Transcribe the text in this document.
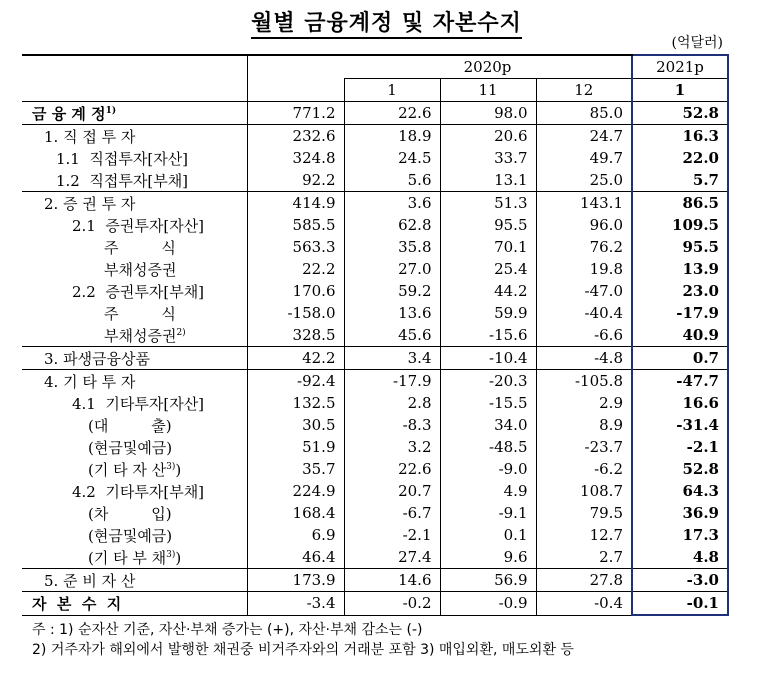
월별 금융계정 및 자본수지
(억달러)
		2020p			2021p
		1	11	12	1
금 융 계 정$^{1)}$	771.2	22.6	98.0	85.0	52.8
1. 직 접 투 자	232.6	18.9	20.6	24.7	16.3
1.1  직접투자[자산]	324.8	24.5	33.7	49.7	22.0
1.2  직접투자[부채]	92.2	5.6	13.1	25.0	5.7
2. 증 권 투 자	414.9	3.6	51.3	143.1	86.5
2.1  증권투자[자산]	585.5	62.8	95.5	96.0	109.5
주         식	563.3	35.8	70.1	76.2	95.5
부채성증권	22.2	27.0	25.4	19.8	13.9
2.2  증권투자[부채]	170.6	59.2	44.2	-47.0	23.0
주         식	-158.0	13.6	59.9	-40.4	-17.9
부채성증권$^{2)}$	328.5	45.6	-15.6	-6.6	40.9
3. 파생금융상품	42.2	3.4	-10.4	-4.8	0.7
4. 기 타 투 자	-92.4	-17.9	-20.3	-105.8	-47.7
4.1  기타투자[자산]	132.5	2.8	-15.5	2.9	16.6
(대         출)	30.5	-8.3	34.0	8.9	-31.4
(현금및예금)	51.9	3.2	-48.5	-23.7	-2.1
(기 타 자 산$^{3)}$)	35.7	22.6	-9.0	-6.2	52.8
4.2  기타투자[부채]	224.9	20.7	4.9	108.7	64.3
(차         입)	168.4	-6.7	-9.1	79.5	36.9
(현금및예금)	6.9	-2.1	0.1	12.7	17.3
(기 타 부 채$^{3)}$)	46.4	27.4	9.6	2.7	4.8
5. 준 비 자 산	173.9	14.6	56.9	27.8	-3.0
자  본  수  지	-3.4	-0.2	-0.9	-0.4	-0.1
주 : 1) 순자산 기준, 자산·부채 증가는 (+), 자산·부채 감소는 (-)
2) 거주자가 해외에서 발행한 채권중 비거주자와의 거래분 포함 3) 매입외환, 매도외환 등
